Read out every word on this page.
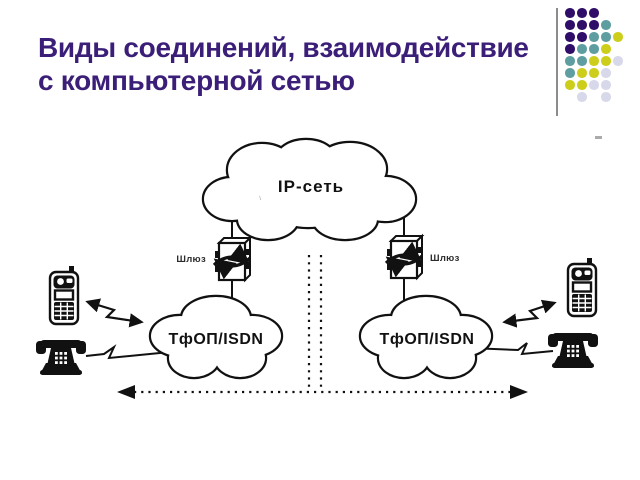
Виды соединений, взаимодействие
с компьютерной сетью
IP-сеть
ТфОП/ISDN	ТфОП/ISDN
Шлюз	Шлюз
